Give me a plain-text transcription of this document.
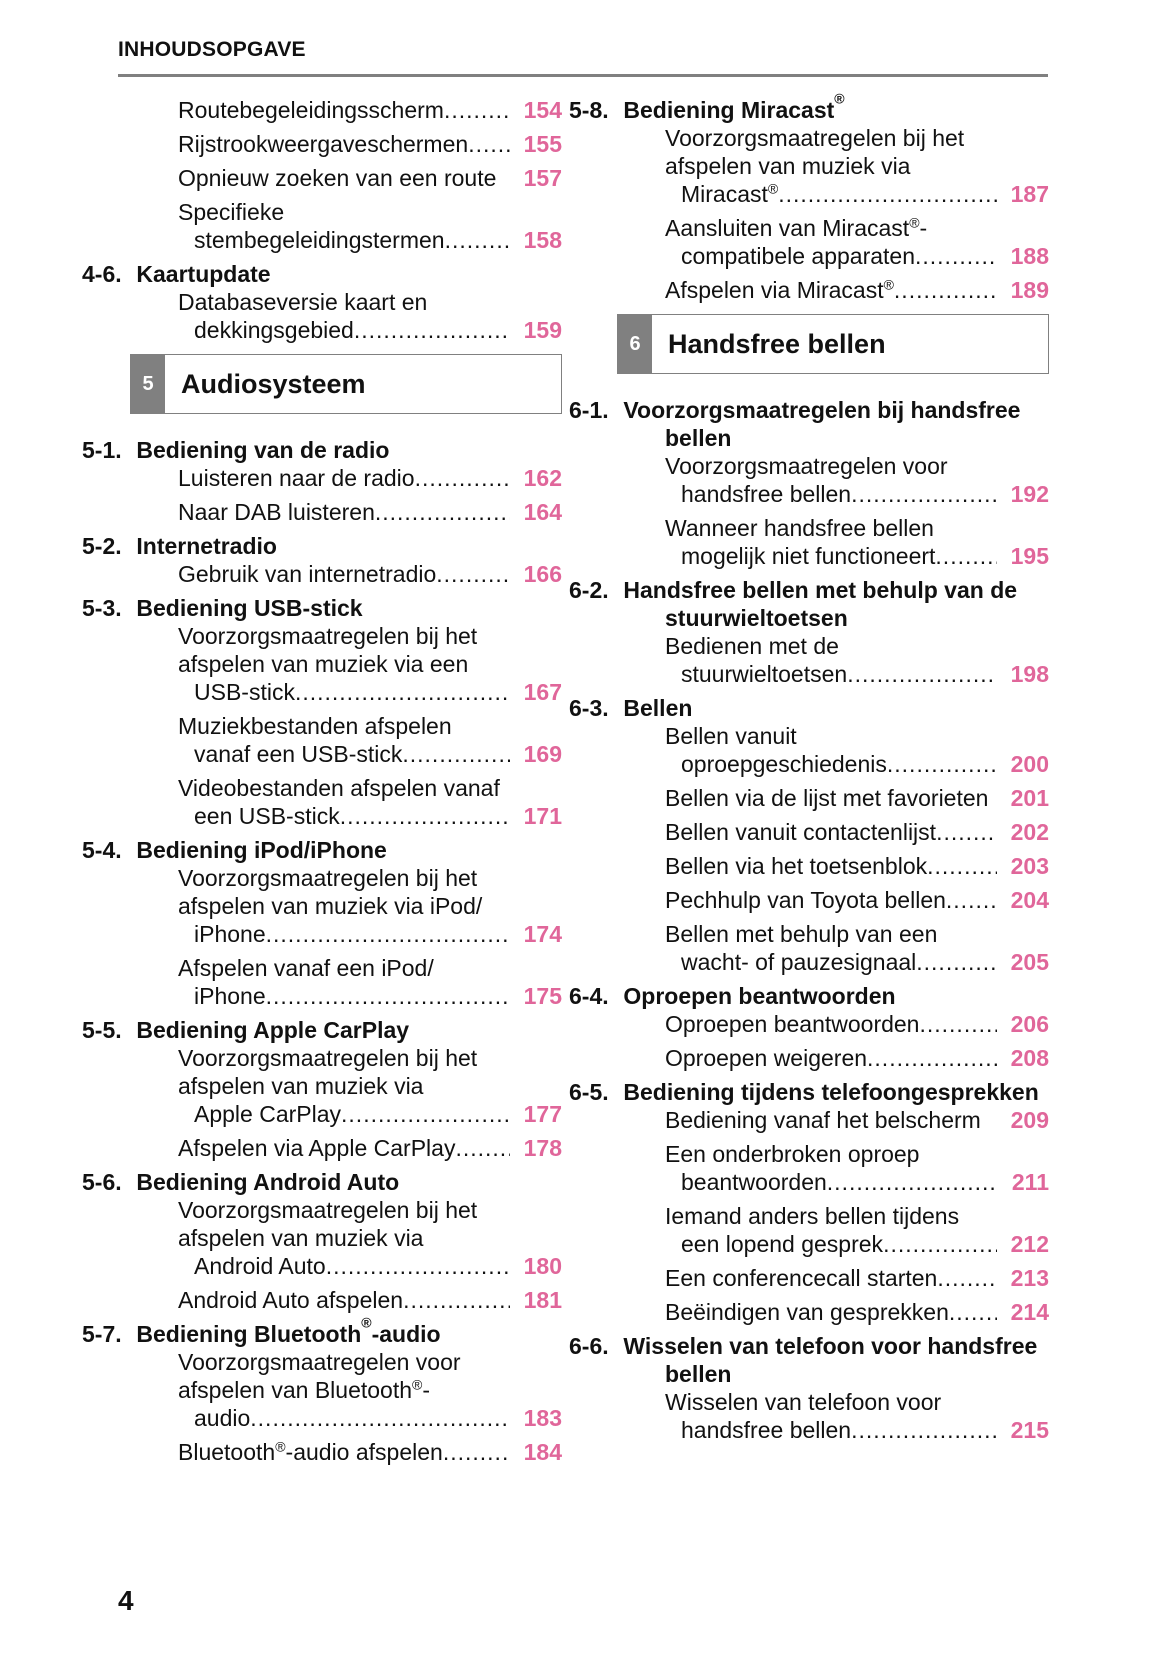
INHOUDSOPGAVE
Routebegeleidingsscherm .....	154
Rijstrookweergaveschermen .....	155
Opnieuw zoeken van een route	157
Specifieke
stembegeleidingstermen .....	158
4-6. Kaartupdate
Databaseversie kaart en
dekkingsgebied .....	159
5	Audiosysteem
5-1. Bediening van de radio
Luisteren naar de radio .....	162
Naar DAB luisteren .....	164
5-2. Internetradio
Gebruik van internetradio .....	166
5-3. Bediening USB-stick
Voorzorgsmaatregelen bij het
afspelen van muziek via een
USB-stick .....	167
Muziekbestanden afspelen
vanaf een USB-stick .....	169
Videobestanden afspelen vanaf
een USB-stick .....	171
5-4. Bediening iPod/iPhone
Voorzorgsmaatregelen bij het
afspelen van muziek via iPod/
iPhone .....	174
Afspelen vanaf een iPod/
iPhone .....	175
5-5. Bediening Apple CarPlay
Voorzorgsmaatregelen bij het
afspelen van muziek via
Apple CarPlay .....	177
Afspelen via Apple CarPlay .....	178
5-6. Bediening Android Auto
Voorzorgsmaatregelen bij het
afspelen van muziek via
Android Auto .....	180
Android Auto afspelen .....	181
5-7. Bediening Bluetooth®-audio
Voorzorgsmaatregelen voor
afspelen van Bluetooth®-
audio .....	183
Bluetooth®-audio afspelen .....	184
5-8. Bediening Miracast®
Voorzorgsmaatregelen bij het
afspelen van muziek via
Miracast® .....	187
Aansluiten van Miracast®-
compatibele apparaten .....	188
Afspelen via Miracast® .....	189
6	Handsfree bellen
6-1. Voorzorgsmaatregelen bij handsfree bellen
Voorzorgsmaatregelen voor
handsfree bellen .....	192
Wanneer handsfree bellen
mogelijk niet functioneert .....	195
6-2. Handsfree bellen met behulp van de stuurwieltoetsen
Bedienen met de
stuurwieltoetsen .....	198
6-3. Bellen
Bellen vanuit
oproepgeschiedenis .....	200
Bellen via de lijst met favorieten 201
Bellen vanuit contactenlijst .....	202
Bellen via het toetsenblok .....	203
Pechhulp van Toyota bellen .....	204
Bellen met behulp van een
wacht- of pauzesignaal .....	205
6-4. Oproepen beantwoorden
Oproepen beantwoorden .....	206
Oproepen weigeren .....	208
6-5. Bediening tijdens telefoongesprekken
Bediening vanaf het belscherm	209
Een onderbroken oproep
beantwoorden .....	211
Iemand anders bellen tijdens
een lopend gesprek .....	212
Een conferencecall starten .....	213
Beëindigen van gesprekken .....	214
6-6. Wisselen van telefoon voor handsfree bellen
Wisselen van telefoon voor
handsfree bellen .....	215
4
